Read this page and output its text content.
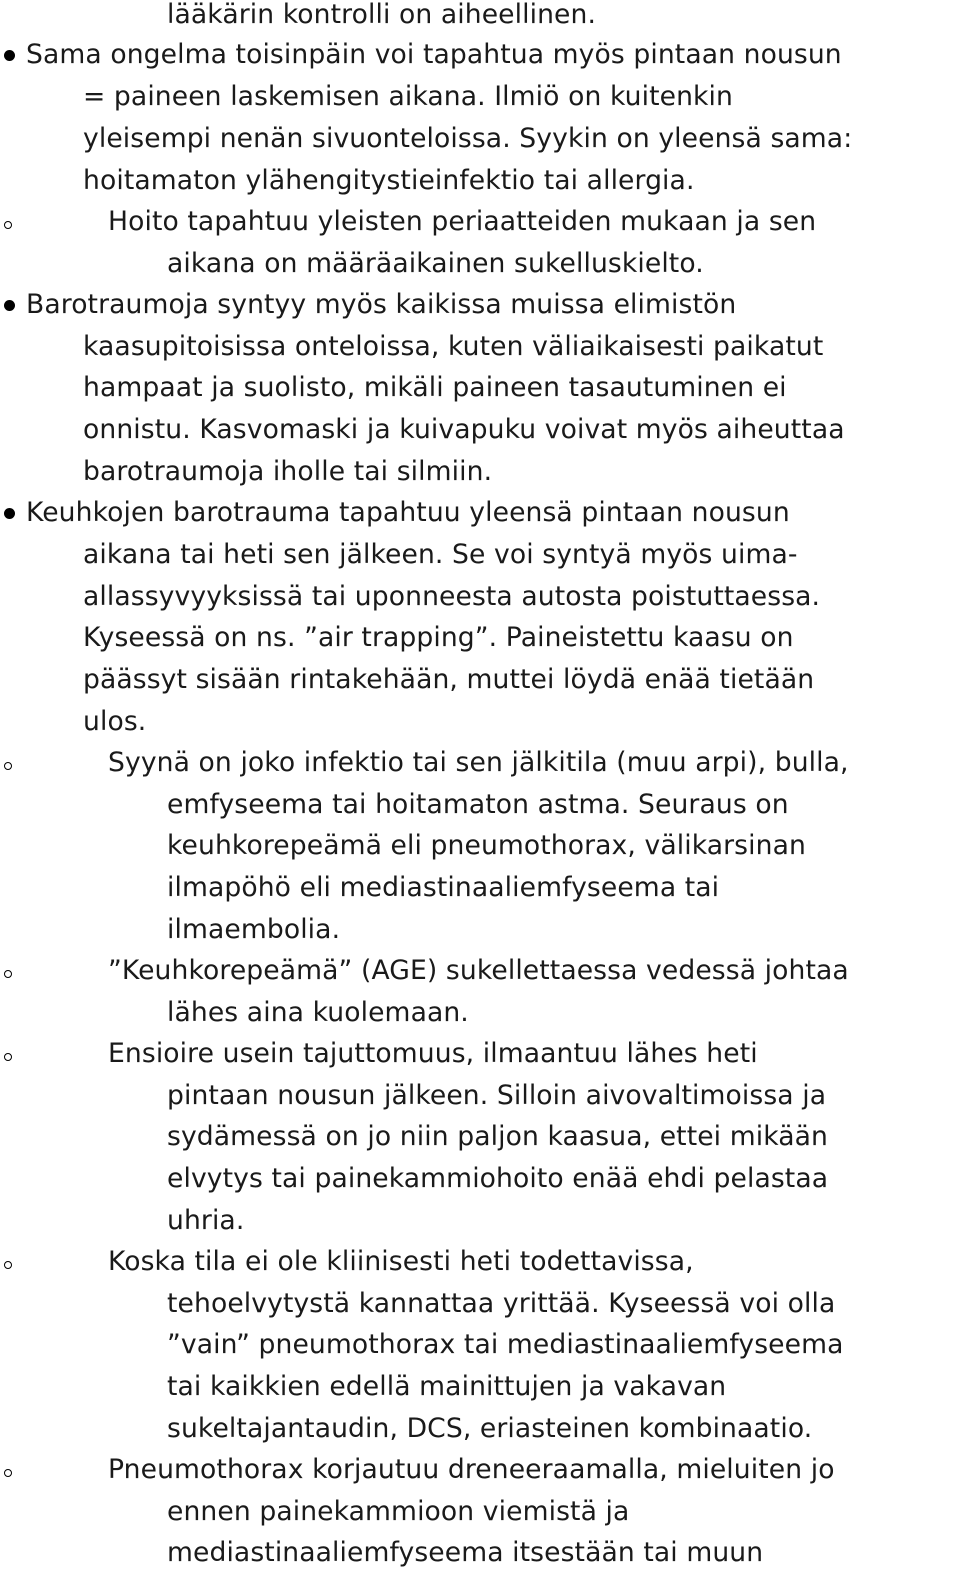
lääkärin kontrolli on aiheellinen.
Sama ongelma toisinpäin voi tapahtua myös pintaan nousun
= paineen laskemisen aikana. Ilmiö on kuitenkin
yleisempi nenän sivuonteloissa. Syykin on yleensä sama:
hoitamaton ylähengitystieinfektio tai allergia.
Hoito tapahtuu yleisten periaatteiden mukaan ja sen
aikana on määräaikainen sukelluskielto.
Barotraumoja syntyy myös kaikissa muissa elimistön
kaasupitoisissa onteloissa, kuten väliaikaisesti paikatut
hampaat ja suolisto, mikäli paineen tasautuminen ei
onnistu. Kasvomaski ja kuivapuku voivat myös aiheuttaa
barotraumoja iholle tai silmiin.
Keuhkojen barotrauma tapahtuu yleensä pintaan nousun
aikana tai heti sen jälkeen. Se voi syntyä myös uima-
allassyvyyksissä tai uponneesta autosta poistuttaessa.
Kyseessä on ns. ”air trapping”. Paineistettu kaasu on
päässyt sisään rintakehään, muttei löydä enää tietään
ulos.
Syynä on joko infektio tai sen jälkitila (muu arpi), bulla,
emfyseema tai hoitamaton astma. Seuraus on
keuhkorepeämä eli pneumothorax, välikarsinan
ilmapöhö eli mediastinaaliemfyseema tai
ilmaembolia.
”Keuhkorepeämä” (AGE) sukellettaessa vedessä johtaa
lähes aina kuolemaan.
Ensioire usein tajuttomuus, ilmaantuu lähes heti
pintaan nousun jälkeen. Silloin aivovaltimoissa ja
sydämessä on jo niin paljon kaasua, ettei mikään
elvytys tai painekammiohoito enää ehdi pelastaa
uhria.
Koska tila ei ole kliinisesti heti todettavissa,
tehoelvytystä kannattaa yrittää. Kyseessä voi olla
”vain” pneumothorax tai mediastinaaliemfyseema
tai kaikkien edellä mainittujen ja vakavan
sukeltajantaudin, DCS, eriasteinen kombinaatio.
Pneumothorax korjautuu dreneeraamalla, mieluiten jo
ennen painekammioon viemistä ja
mediastinaaliemfyseema itsestään tai muun
